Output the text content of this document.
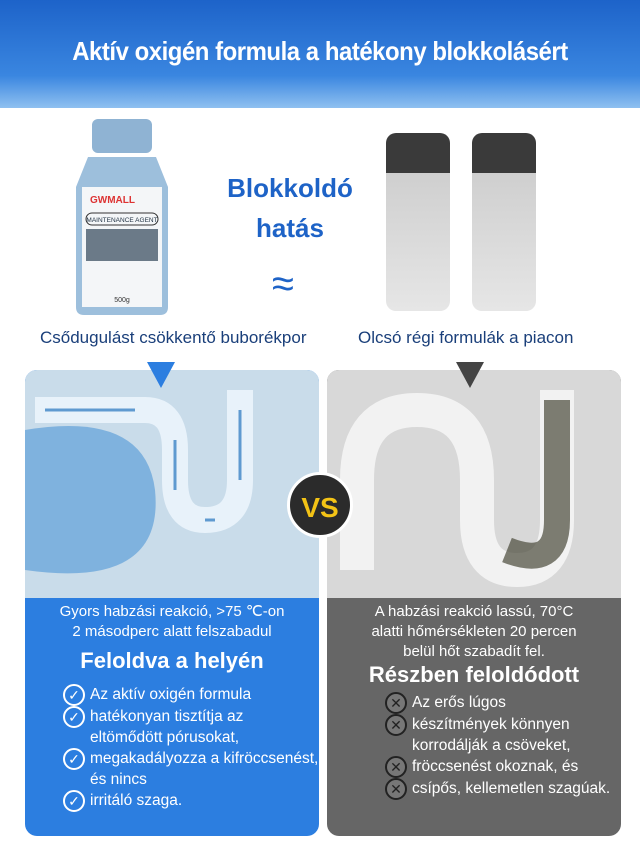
Aktív oxigén formula a hatékony blokkolásért
GWMALL
MAINTENANCE AGENT
500g
Blokkoldó
hatás
≈
Csődugulást csökkentő buborékpor	Olcsó régi formulák a piacon
Gyors habzási reakció, >75 ℃-on 2 másodperc alatt felszabadul
Feloldva a helyén
✓ Az aktív oxigén formula
✓ hatékonyan tisztítja az eltömődött pórusokat,
✓ megakadályozza a kifröccsenést, és nincs
✓ irritáló szaga.
A habzási reakció lassú, 70°C alatti hőmérsékleten 20 percen belül hőt szabadít fel.
Részben feloldódott
✕ Az erős lúgos
✕ készítmények könnyen korrodálják a csöveket,
✕ fröccsenést okoznak, és
✕ csípős, kellemetlen szagúak.
VS
